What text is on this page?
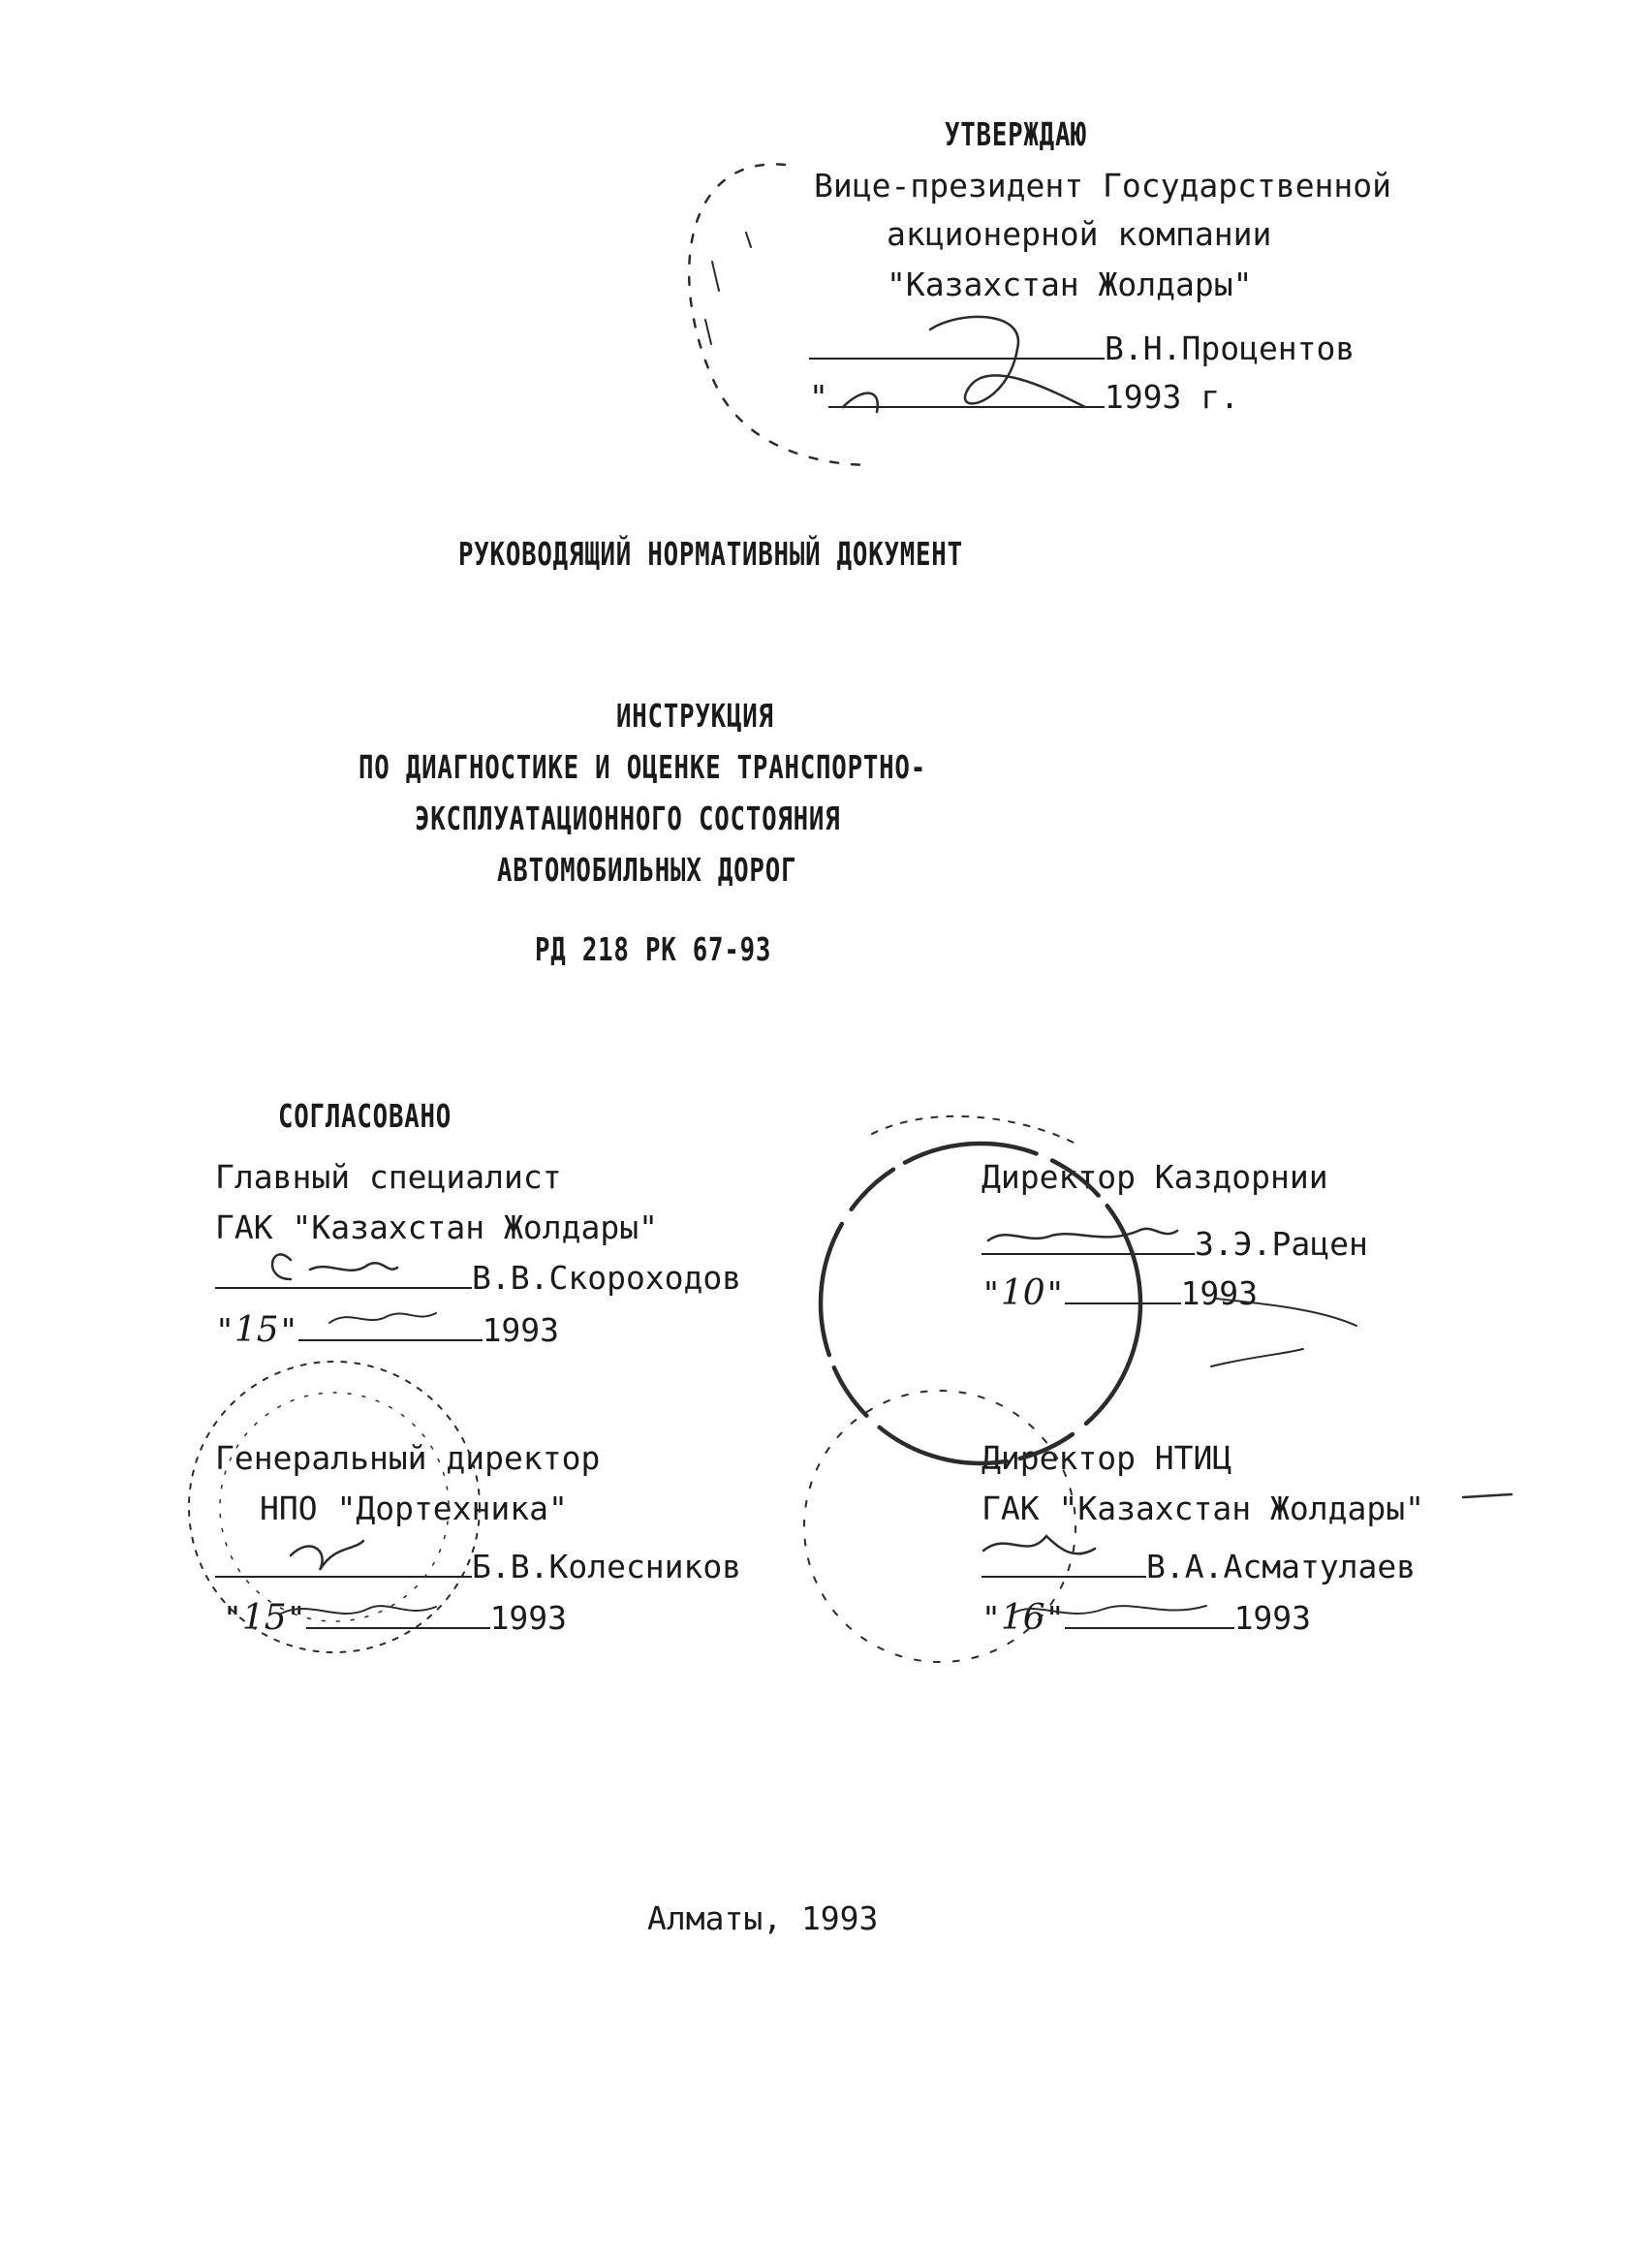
УТВЕРЖДАЮ
Вице-президент Государственной
акционерной компании
"Казахстан Жолдары"
В.Н.Процентов
"	1993 г.
РУКОВОДЯЩИЙ НОРМАТИВНЫЙ ДОКУМЕНТ
ИНСТРУКЦИЯ
ПО ДИАГНОСТИКЕ И ОЦЕНКЕ ТРАНСПОРТНО-
ЭКСПЛУАТАЦИОННОГО СОСТОЯНИЯ
АВТОМОБИЛЬНЫХ ДОРОГ
РД 218 РК 67-93
СОГЛАСОВАНО
Главный специалист
ГАК "Казахстан Жолдары"
В.В.Скороходов
"15"	1993
Директор Каздорнии
З.Э.Рацен
"10"	1993
Генеральный директор
НПО "Дортехника"
Б.В.Колесников
"15"	1993
Директор НТИЦ
ГАК "Казахстан Жолдары"
В.А.Асматулаев
"16"	1993
Алматы, 1993
